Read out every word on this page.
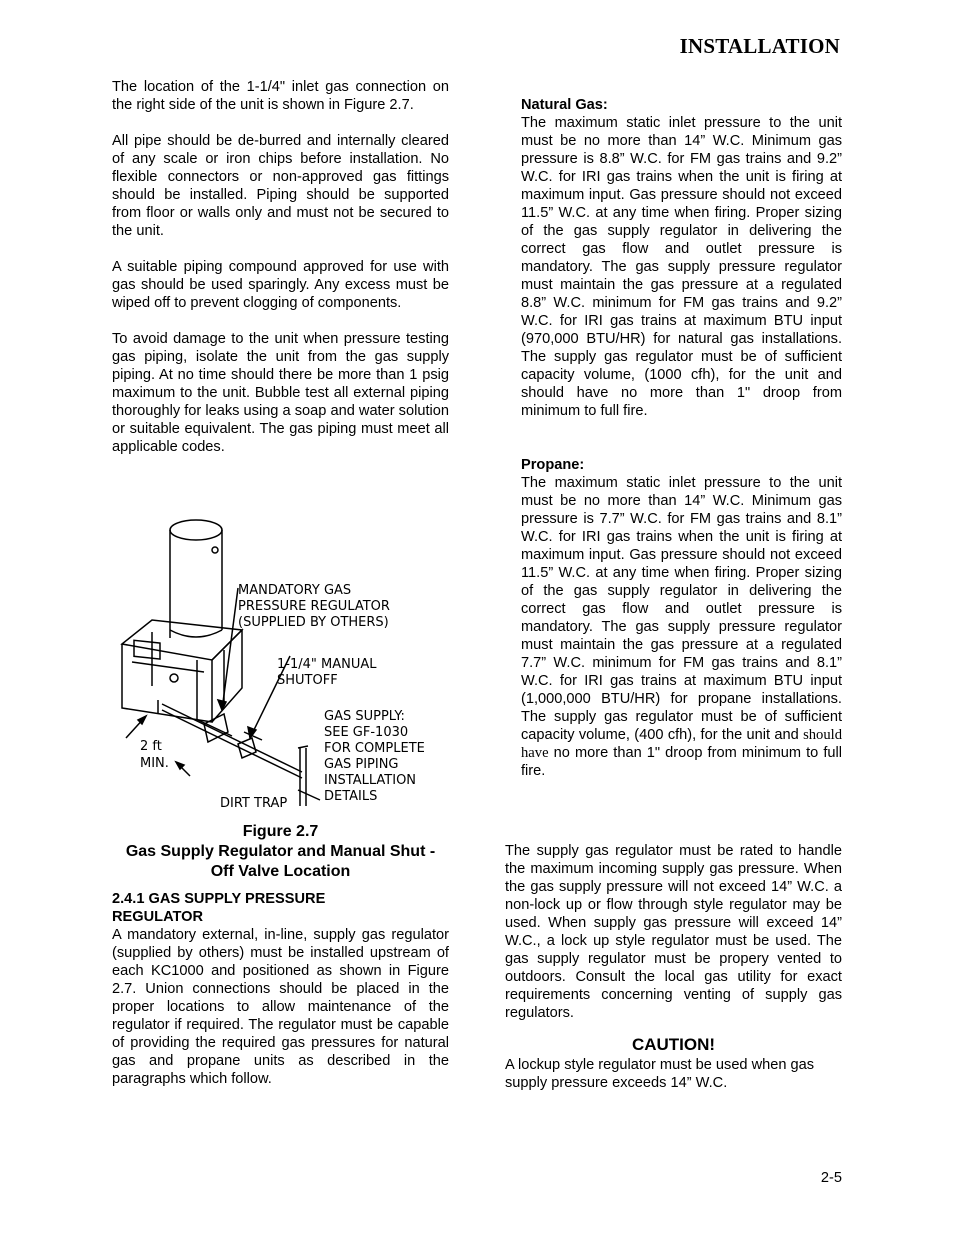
INSTALLATION

The location of the 1-1/4" inlet gas connection on the right side of the unit is shown in Figure 2.7.

All pipe should be de-burred and internally cleared of any scale or iron chips before installation. No flexible connectors or non-approved gas fittings should be installed. Piping should be supported from floor or walls only and must not be secured to the unit.

A suitable piping compound approved for use with gas should be used sparingly. Any excess must be wiped off to prevent clogging of components.

To avoid damage to the unit when pressure testing gas piping, isolate the unit from the gas supply piping. At no time should there be more than 1 psig maximum to the unit. Bubble test all external piping thoroughly for leaks using a soap and water solution or suitable equivalent. The gas piping must meet all applicable codes.

MANDATORY GAS
PRESSURE REGULATOR
(SUPPLIED BY OTHERS)
1-1/4" MANUAL
SHUTOFF
GAS SUPPLY:
SEE GF-1030
FOR COMPLETE
GAS PIPING
INSTALLATION
DETAILS
2 ft
MIN.
DIRT TRAP
Figure 2.7
Gas Supply Regulator and Manual Shut -
Off Valve Location
2.4.1 GAS SUPPLY PRESSURE
REGULATOR

A mandatory external, in-line, supply gas regulator (supplied by others) must be installed upstream of each KC1000 and positioned as shown in Figure 2.7. Union connections should be placed in the proper locations to allow maintenance of the regulator if required. The regulator must be capable of providing the required gas pressures for natural gas and propane units as described in the paragraphs which follow.

Natural Gas:

The maximum static inlet pressure to the unit must be no more than 14” W.C. Minimum gas pressure is 8.8” W.C. for FM gas trains and 9.2” W.C. for IRI gas trains when the unit is firing at maximum input. Gas pressure should not exceed 11.5” W.C. at any time when firing. Proper sizing of the gas supply regulator in delivering the correct gas flow and outlet pressure is mandatory. The gas supply pressure regulator must maintain the gas pressure at a regulated 8.8” W.C. minimum for FM gas trains and 9.2” W.C. for IRI gas trains at maximum BTU input (970,000 BTU/HR) for natural gas installations. The supply gas regulator must be of sufficient capacity volume, (1000 cfh), for the unit and should have no more than 1" droop from minimum to full fire.

Propane:

The maximum static inlet pressure to the unit must be no more than 14” W.C. Minimum gas pressure is 7.7” W.C. for FM gas trains and 8.1” W.C. for IRI gas trains when the unit is firing at maximum input. Gas pressure should not exceed 11.5” W.C. at any time when firing. Proper sizing of the gas supply regulator in delivering the correct gas flow and outlet pressure is mandatory. The gas supply pressure regulator must maintain the gas pressure at a regulated 7.7” W.C. minimum for FM gas trains and 8.1” W.C. for IRI gas trains at maximum BTU input (1,000,000 BTU/HR) for propane installations. The supply gas regulator must be of sufficient capacity volume, (400 cfh), for the unit and should have no more than 1" droop from minimum to full fire.

The supply gas regulator must be rated to handle the maximum incoming supply gas pressure. When the gas supply pressure will not exceed 14” W.C. a non-lock up or flow through style regulator may be used. When supply gas pressure will exceed 14” W.C., a lock up style regulator must be used. The gas supply regulator must be propery vented to outdoors. Consult the local gas utility for exact requirements concerning venting of supply gas regulators.

CAUTION!

A lockup style regulator must be used when gas supply pressure exceeds 14” W.C.

2-5
